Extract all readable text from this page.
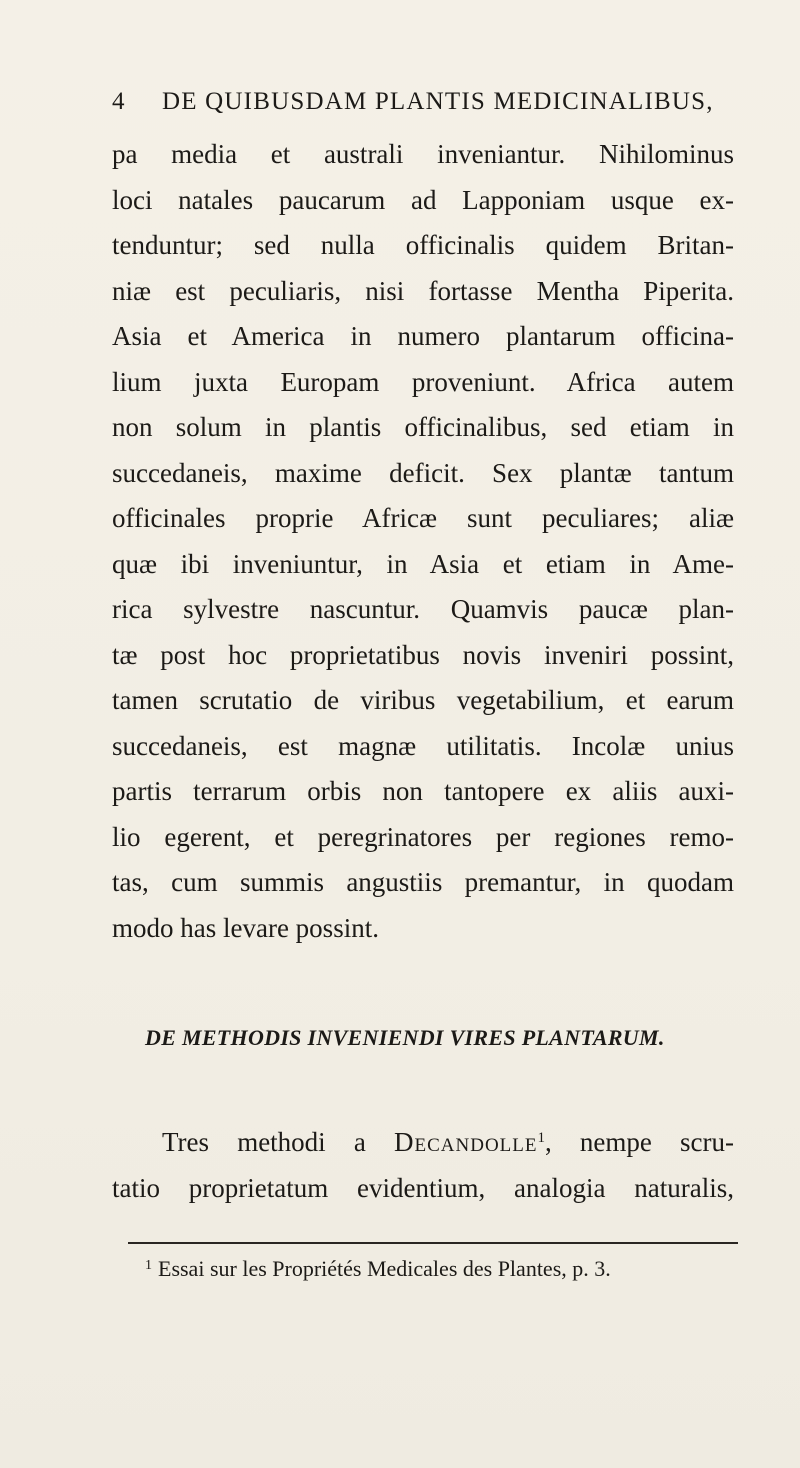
4 DE QUIBUSDAM PLANTIS MEDICINALIBUS,
pa media et australi inveniantur. Nihilominus
loci natales paucarum ad Lapponiam usque ex-
tenduntur; sed nulla officinalis quidem Britan-
niæ est peculiaris, nisi fortasse Mentha Piperita.
Asia et America in numero plantarum officina-
lium juxta Europam proveniunt. Africa autem
non solum in plantis officinalibus, sed etiam in
succedaneis, maxime deficit. Sex plantæ tantum
officinales proprie Africæ sunt peculiares; aliæ
quæ ibi inveniuntur, in Asia et etiam in Ame-
rica sylvestre nascuntur. Quamvis paucæ plan-
tæ post hoc proprietatibus novis inveniri possint,
tamen scrutatio de viribus vegetabilium, et earum
succedaneis, est magnæ utilitatis. Incolæ unius
partis terrarum orbis non tantopere ex aliis auxi-
lio egerent, et peregrinatores per regiones remo-
tas, cum summis angustiis premantur, in quodam
modo has levare possint.
DE METHODIS INVENIENDI VIRES PLANTARUM.
Tres methodi a Decandolle$^1$, nempe scru-
tatio proprietatum evidentium, analogia naturalis,
$^1$ Essai sur les Propriétés Medicales des Plantes, p. 3.
